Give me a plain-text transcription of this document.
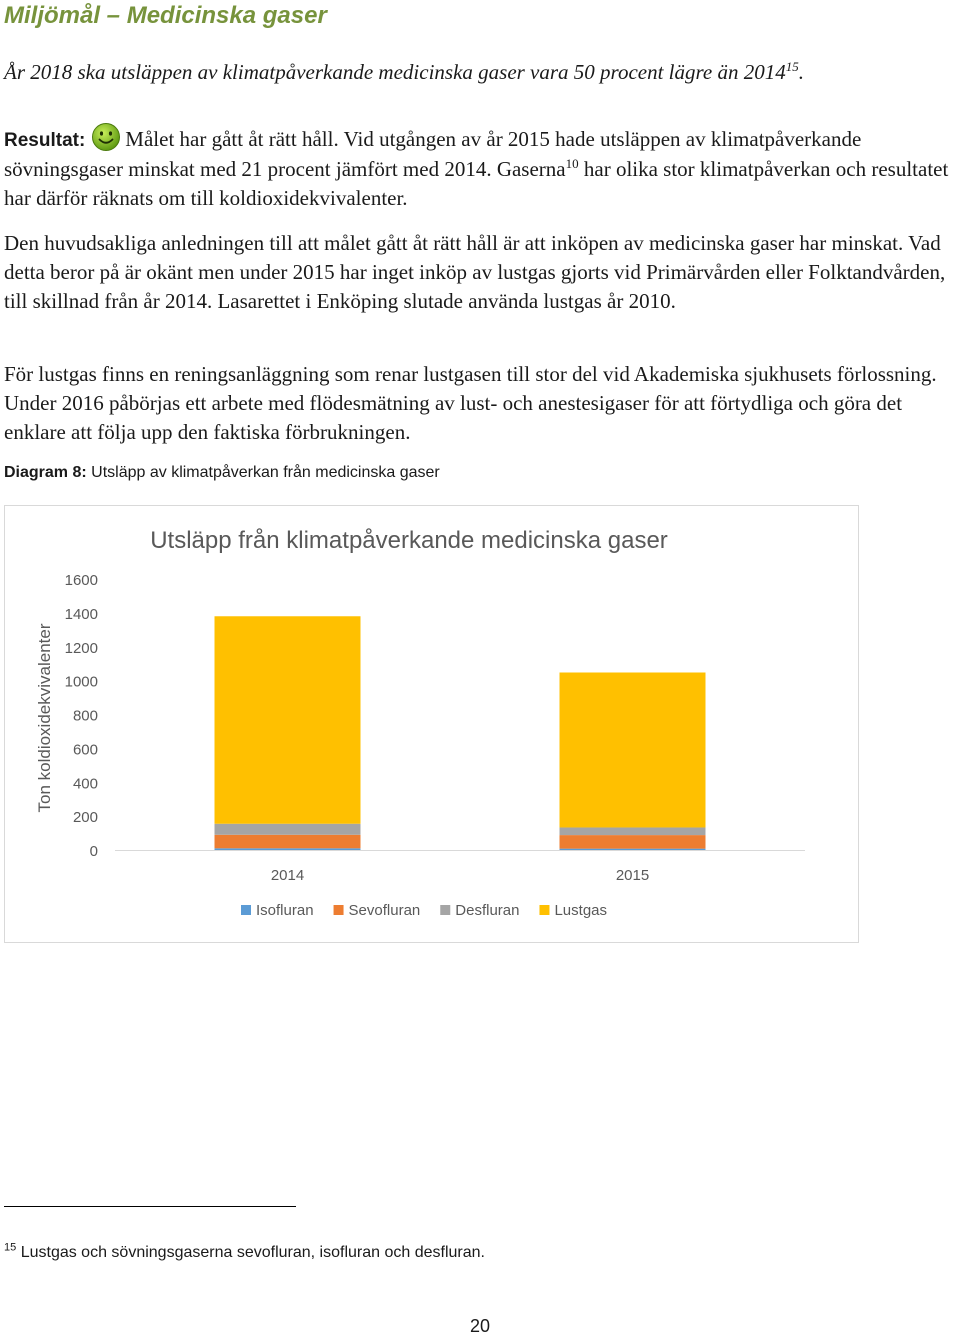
Miljömål – Medicinska gaser
År 2018 ska utsläppen av klimatpåverkande medicinska gaser vara 50 procent lägre än 2014$^{15}$.

Resultat: Målet har gått åt rätt håll. Vid utgången av år 2015 hade utsläppen av klimatpåverkande sövningsgaser minskat med 21 procent jämfört med 2014. Gaserna$^{10}$ har olika stor klimatpåverkan och resultatet har därför räknats om till koldioxidekvivalenter.

Den huvudsakliga anledningen till att målet gått åt rätt håll är att inköpen av medicinska gaser har minskat. Vad detta beror på är okänt men under 2015 har inget inköp av lustgas gjorts vid Primärvården eller Folktandvården, till skillnad från år 2014. Lasarettet i Enköping slutade använda lustgas år 2010.

För lustgas finns en reningsanläggning som renar lustgasen till stor del vid Akademiska sjukhusets förlossning. Under 2016 påbörjas ett arbete med flödesmätning av lust- och anestesigaser för att förtydliga och göra det enklare att följa upp den faktiska förbrukningen.

Diagram 8: Utsläpp av klimatpåverkan från medicinska gaser
Utsläpp från klimatpåverkande medicinska gaser
Ton koldioxidekvivalenter
0
200
400
600
800
1000
1200
1400
1600
2014	2015
Isofluran Sevofluran Desfluran Lustgas
$^{15}$ Lustgas och sövningsgaserna sevofluran, isofluran och desfluran.
20
